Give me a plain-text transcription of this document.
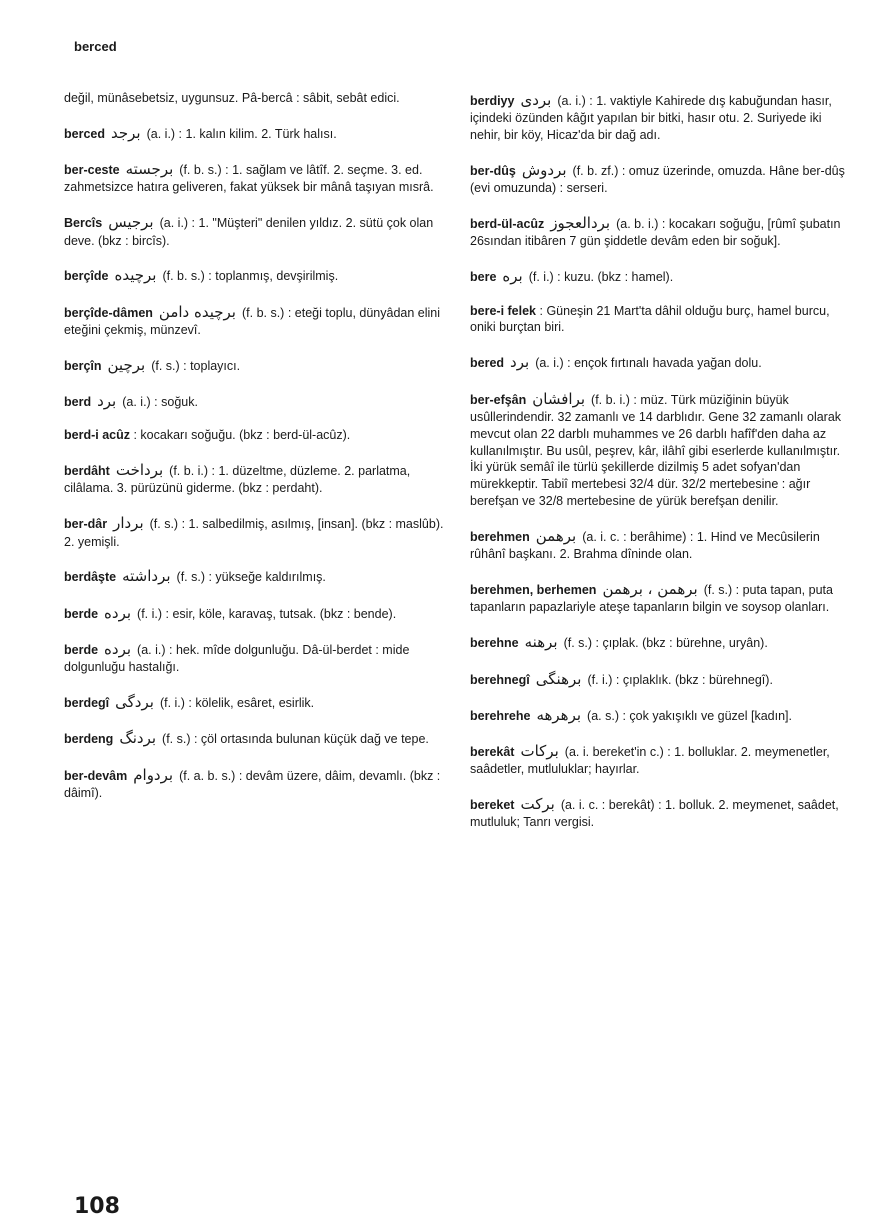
berced

değil, münâsebetsiz, uygunsuz. Pâ-bercâ : sâbit, sebât edici.

berced برجد (a. i.) : 1. kalın kilim. 2. Türk halısı.

ber-ceste برجسته (f. b. s.) : 1. sağlam ve lâtîf. 2. seçme. 3. ed. zahmetsizce hatıra geliveren, fakat yüksek bir mânâ taşıyan mısrâ.

Bercîs برجيس (a. i.) : 1. "Müşteri" denilen yıldız. 2. sütü çok olan deve. (bkz : bircîs).

berçîde برچيده (f. b. s.) : toplanmış, devşirilmiş.

berçîde-dâmen برچيده دامن (f. b. s.) : eteği toplu, dünyâdan elini eteğini çekmiş, münzevî.

berçîn برچين (f. s.) : toplayıcı.

berd برد (a. i.) : soğuk.

berd-i acûz : kocakarı soğuğu. (bkz : berd-ül-acûz).

berdâht برداخت (f. b. i.) : 1. düzeltme, düzleme. 2. parlatma, cilâlama. 3. pürüzünü giderme. (bkz : perdaht).

ber-dâr بردار (f. s.) : 1. salbedilmiş, asılmış, [insan]. (bkz : maslûb). 2. yemişli.

berdâşte برداشته (f. s.) : yükseğe kaldırılmış.

berde برده (f. i.) : esir, köle, karavaş, tutsak. (bkz : bende).

berde برده (a. i.) : hek. mîde dolgunluğu. Dâ-ül-berdet : mide dolgunluğu hastalığı.

berdegî بردگى (f. i.) : kölelik, esâret, esirlik.

berdeng بردنگ (f. s.) : çöl ortasında bulunan küçük dağ ve tepe.

ber-devâm بردوام (f. a. b. s.) : devâm üzere, dâim, devamlı. (bkz : dâimî).

berdiyy بردى (a. i.) : 1. vaktiyle Kahirede dış kabuğundan hasır, içindeki özünden kâğıt yapılan bir bitki, hasır otu. 2. Suriyede iki nehir, bir köy, Hicaz'da bir dağ adı.

ber-dûş بردوش (f. b. zf.) : omuz üzerinde, omuzda. Hâne ber-dûş (evi omuzunda) : serseri.

berd-ül-acûz بردالعجوز (a. b. i.) : kocakarı soğuğu, [rûmî şubatın 26sından itibâren 7 gün şiddetle devâm eden bir soğuk].

bere بره (f. i.) : kuzu. (bkz : hamel).

bere-i felek : Güneşin 21 Mart'ta dâhil olduğu burç, hamel burcu, oniki burçtan biri.

bered برد (a. i.) : ençok fırtınalı havada yağan dolu.

ber-efşân برافشان (f. b. i.) : müz. Türk müziğinin büyük usûllerindendir. 32 zamanlı ve 14 darblıdır. Gene 32 zamanlı olarak mevcut olan 22 darblı muhammes ve 26 darblı hafîf'den daha az kullanılmıştır. Bu usûl, peşrev, kâr, ilâhî gibi eserlerde kullanılmıştır. İki yürük semâî ile türlü şekillerde dizilmiş 5 adet sofyan'dan mürekkeptir. Tabiî mertebesi 32/4 dür. 32/2 mertebesine : ağır berefşan ve 32/8 mertebesine de yürük berefşan denilir.

berehmen برهمن (a. i. c. : berâhime) : 1. Hind ve Mecûsilerin rûhânî başkanı. 2. Brahma dîninde olan.

berehmen, berhemen برهمن ، برهمن (f. s.) : puta tapan, puta tapanların papazlariyle ateşe tapanların bilgin ve soysop olanları.

berehne برهنه (f. s.) : çıplak. (bkz : bürehne, uryân).

berehnegî برهنگى (f. i.) : çıplaklık. (bkz : bürehnegî).

berehrehe برهرهه (a. s.) : çok yakışıklı ve güzel [kadın].

berekât بركات (a. i. bereket'in c.) : 1. bolluklar. 2. meymenetler, saâdetler, mutluluklar; hayırlar.

bereket بركت (a. i. c. : berekât) : 1. bolluk. 2. meymenet, saâdet, mutluluk; Tanrı vergisi.

108
